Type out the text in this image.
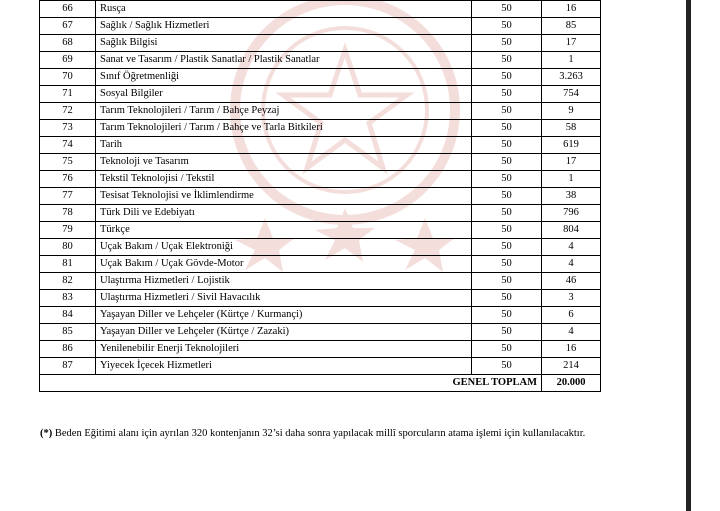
66	Rusça	50	16
67	Sağlık / Sağlık Hizmetleri	50	85
68	Sağlık Bilgisi	50	17
69	Sanat ve Tasarım / Plastik Sanatlar / Plastik Sanatlar	50	1
70	Sınıf Öğretmenliği	50	3.263
71	Sosyal Bilgiler	50	754
72	Tarım Teknolojileri / Tarım / Bahçe Peyzaj	50	9
73	Tarım Teknolojileri / Tarım / Bahçe ve Tarla Bitkileri	50	58
74	Tarih	50	619
75	Teknoloji ve Tasarım	50	17
76	Tekstil Teknolojisi / Tekstil	50	1
77	Tesisat Teknolojisi ve İklimlendirme	50	38
78	Türk Dili ve Edebiyatı	50	796
79	Türkçe	50	804
80	Uçak Bakım / Uçak Elektroniği	50	4
81	Uçak Bakım / Uçak Gövde-Motor	50	4
82	Ulaştırma Hizmetleri / Lojistik	50	46
83	Ulaştırma Hizmetleri / Sivil Havacılık	50	3
84	Yaşayan Diller ve Lehçeler (Kürtçe / Kurmançi)	50	6
85	Yaşayan Diller ve Lehçeler (Kürtçe / Zazaki)	50	4
86	Yenilenebilir Enerji Teknolojileri	50	16
87	Yiyecek İçecek Hizmetleri	50	214
GENEL TOPLAM			20.000
(*) Beden Eğitimi alanı için ayrılan 320 kontenjanın 32’si daha sonra yapılacak millî sporcuların atama işlemi için kullanılacaktır.
